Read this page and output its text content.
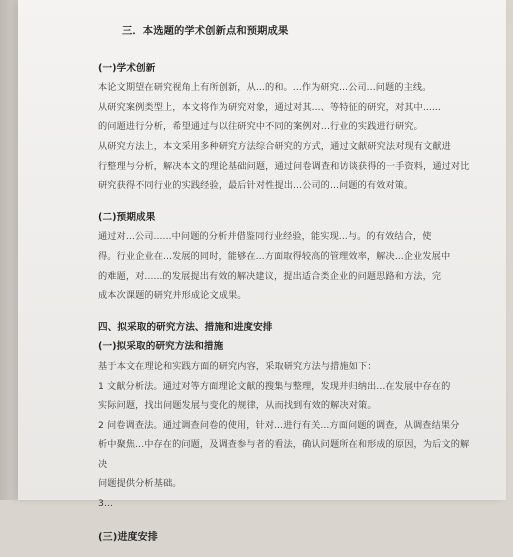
三．本选题的学术创新点和预期成果

(一)学术创新

本论文期望在研究视角上有所创新，从...的和。...作为研究...公司...问题的主线。

从研究案例类型上，本文将作为研究对象，通过对其...、等特征的研究，对其中......

的问题进行分析，希望通过与以往研究中不同的案例对...行业的实践进行研究。

从研究方法上，本文采用多种研究方法综合研究的方式，通过文献研究法对现有文献进

行整理与分析，解决本文的理论基础问题，通过问卷调查和访谈获得的一手资料，通过对比

研究获得不同行业的实践经验，最后针对性提出...公司的...问题的有效对策。

(二)预期成果

通过对...公司......中问题的分析并借鉴同行业经验，能实现...与。的有效结合，使

得。行业企业在...发展的同时，能够在...方面取得较高的管理效率，解决...企业发展中

的难题，对......的发展提出有效的解决建议，提出适合类企业的问题思路和方法，完

成本次课题的研究并形成论文成果。

四、拟采取的研究方法、措施和进度安排

(一)拟采取的研究方法和措施

基于本文在理论和实践方面的研究内容，采取研究方法与措施如下：

1 文献分析法。通过对等方面理论文献的搜集与整理，发现并归纳出...在发展中存在的

实际问题，找出问题发展与变化的规律，从而找到有效的解决对策。

2 问卷调查法。通过调查问卷的使用，针对...进行有关...方面问题的调查，从调查结果分

析中聚焦...中存在的问题，及调查参与者的看法，确认问题所在和形成的原因，为后文的解

决

问题提供分析基础。

3...

(三)进度安排
